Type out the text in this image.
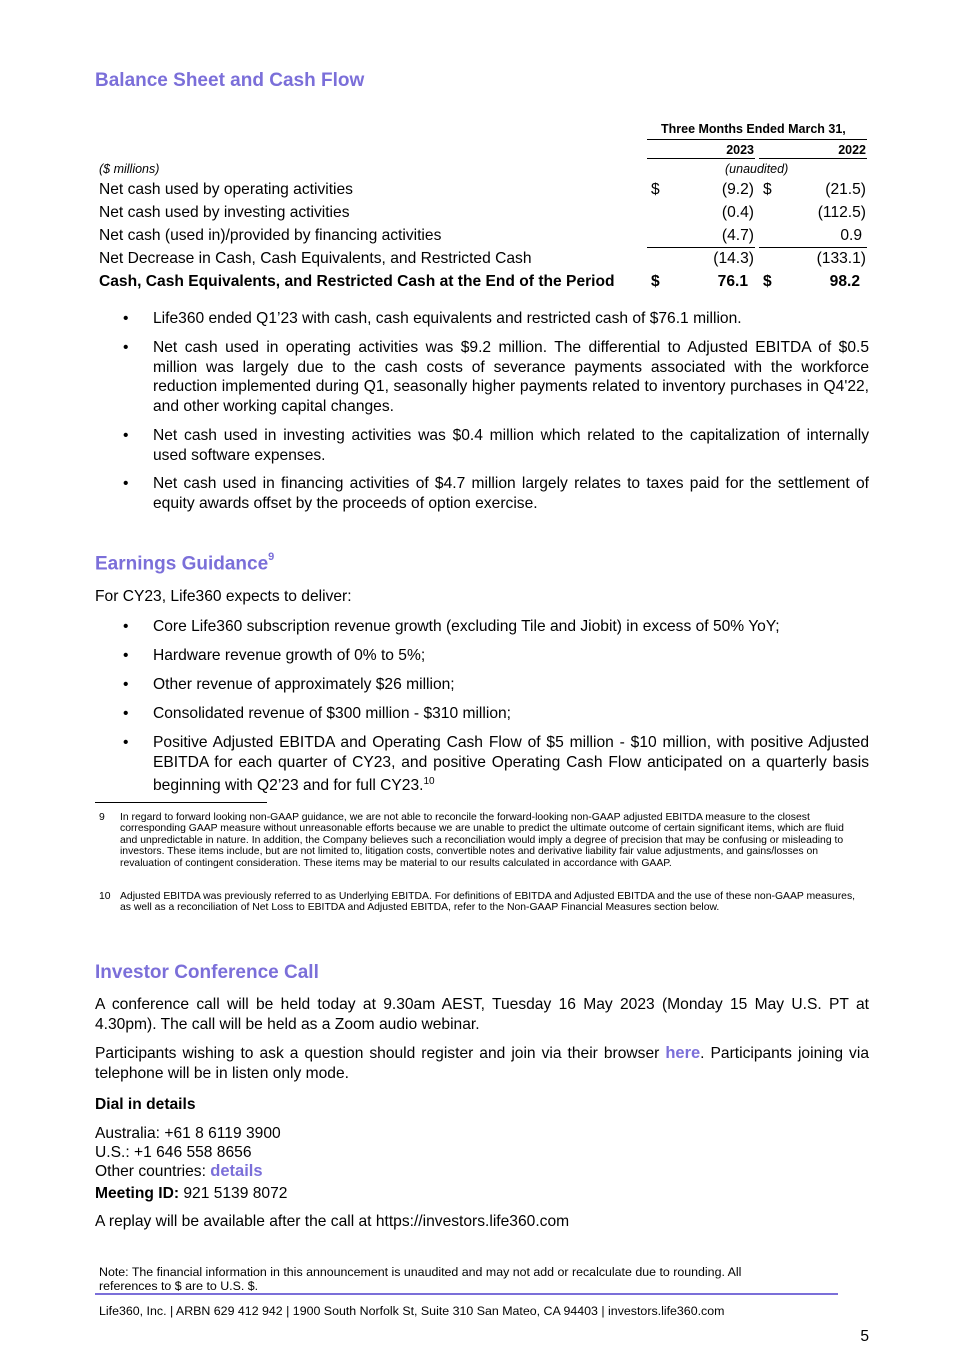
Balance Sheet and Cash Flow
Three Months Ended March 31,
2023	2022
($ millions)	(unaudited)
Net cash used by operating activities	$	(9.2) $	(21.5)
Net cash used by investing activities	(0.4)	(112.5)
Net cash (used in)/provided by financing activities	(4.7)	0.9
Net Decrease in Cash, Cash Equivalents, and Restricted Cash	(14.3)	(133.1)
Cash, Cash Equivalents, and Restricted Cash at the End of the Period $	76.1 $	98.2
• Life360 ended Q1’23 with cash, cash equivalents and restricted cash of $76.1 million.
• Net cash used in operating activities was $9.2 million. The differential to Adjusted EBITDA of $0.5 million was largely due to the cash costs of severance payments associated with the workforce reduction implemented during Q1, seasonally higher payments related to inventory purchases in Q4'22, and other working capital changes.
• Net cash used in investing activities was $0.4 million which related to the capitalization of internally used software expenses.
• Net cash used in financing activities of $4.7 million largely relates to taxes paid for the settlement of equity awards offset by the proceeds of option exercise.
Earnings Guidance$^9$
For CY23, Life360 expects to deliver:
• Core Life360 subscription revenue growth (excluding Tile and Jiobit) in excess of 50% YoY;
• Hardware revenue growth of 0% to 5%;
• Other revenue of approximately $26 million;
• Consolidated revenue of $300 million - $310 million;
• Positive Adjusted EBITDA and Operating Cash Flow of $5 million - $10 million, with positive Adjusted EBITDA for each quarter of CY23, and positive Operating Cash Flow anticipated on a quarterly basis beginning with Q2’23 and for full CY23.10
9 In regard to forward looking non-GAAP guidance, we are not able to reconcile the forward-looking non-GAAP adjusted EBITDA measure to the closest corresponding GAAP measure without unreasonable efforts because we are unable to predict the ultimate outcome of certain significant items, which are fluid and unpredictable in nature. In addition, the Company believes such a reconciliation would imply a degree of precision that may be confusing or misleading to investors. These items include, but are not limited to, litigation costs, convertible notes and derivative liability fair value adjustments, and gains/losses on revaluation of contingent consideration. These items may be material to our results calculated in accordance with GAAP.
10 Adjusted EBITDA was previously referred to as Underlying EBITDA. For definitions of EBITDA and Adjusted EBITDA and the use of these non-GAAP measures, as well as a reconciliation of Net Loss to EBITDA and Adjusted EBITDA, refer to the Non-GAAP Financial Measures section below.
Investor Conference Call
A conference call will be held today at 9.30am AEST, Tuesday 16 May 2023 (Monday 15 May U.S. PT at 4.30pm). The call will be held as a Zoom audio webinar.
Participants wishing to ask a question should register and join via their browser here. Participants joining via telephone will be in listen only mode.
Dial in details
Australia: +61 8 6119 3900
U.S.: +1 646 558 8656
Other countries: details
Meeting ID: 921 5139 8072
A replay will be available after the call at https://investors.life360.com
Note: The financial information in this announcement is unaudited and may not add or recalculate due to rounding. All references to $ are to U.S. $.
Life360, Inc. | ARBN 629 412 942 | 1900 South Norfolk St, Suite 310 San Mateo, CA 94403 | investors.life360.com
5
